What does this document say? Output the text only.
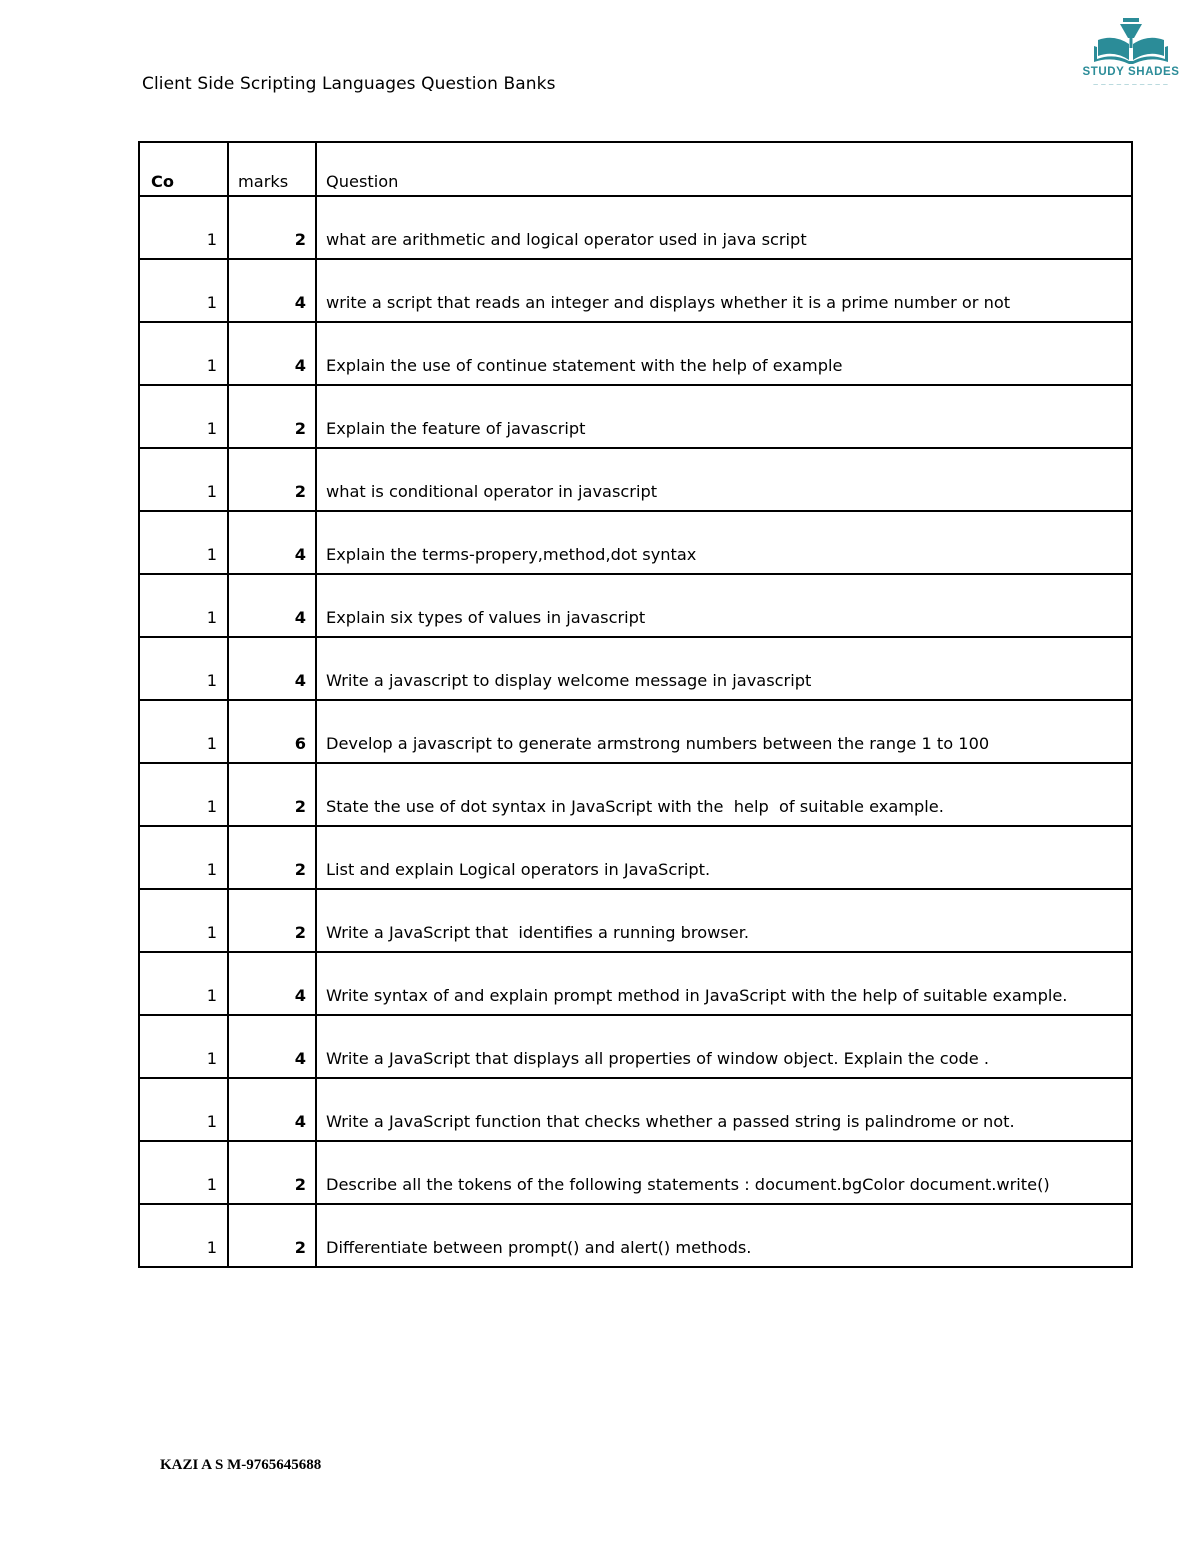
Client Side Scripting Languages Question Banks
STUDY SHADES
— — — — — — — — — —
Co	marks	Question
1	2	what are arithmetic and logical operator used in java script
1	4	write a script that reads an integer and displays whether it is a prime number or not
1	4	Explain the use of continue statement with the help of example
1	2	Explain the feature of javascript
1	2	what is conditional operator in javascript
1	4	Explain the terms-propery,method,dot syntax
1	4	Explain six types of values in javascript
1	4	Write a javascript to display welcome message in javascript
1	6	Develop a javascript to generate armstrong numbers between the range 1 to 100
1	2	State the use of dot syntax in JavaScript with the  help  of suitable example.
1	2	List and explain Logical operators in JavaScript.
1	2	Write a JavaScript that  identifies a running browser.
1	4	Write syntax of and explain prompt method in JavaScript with the help of suitable example.
1	4	Write a JavaScript that displays all properties of window object. Explain the code .
1	4	Write a JavaScript function that checks whether a passed string is palindrome or not.
1	2	Describe all the tokens of the following statements : document.bgColor document.write()
1	2	Differentiate between prompt() and alert() methods.
KAZI A S M-9765645688
